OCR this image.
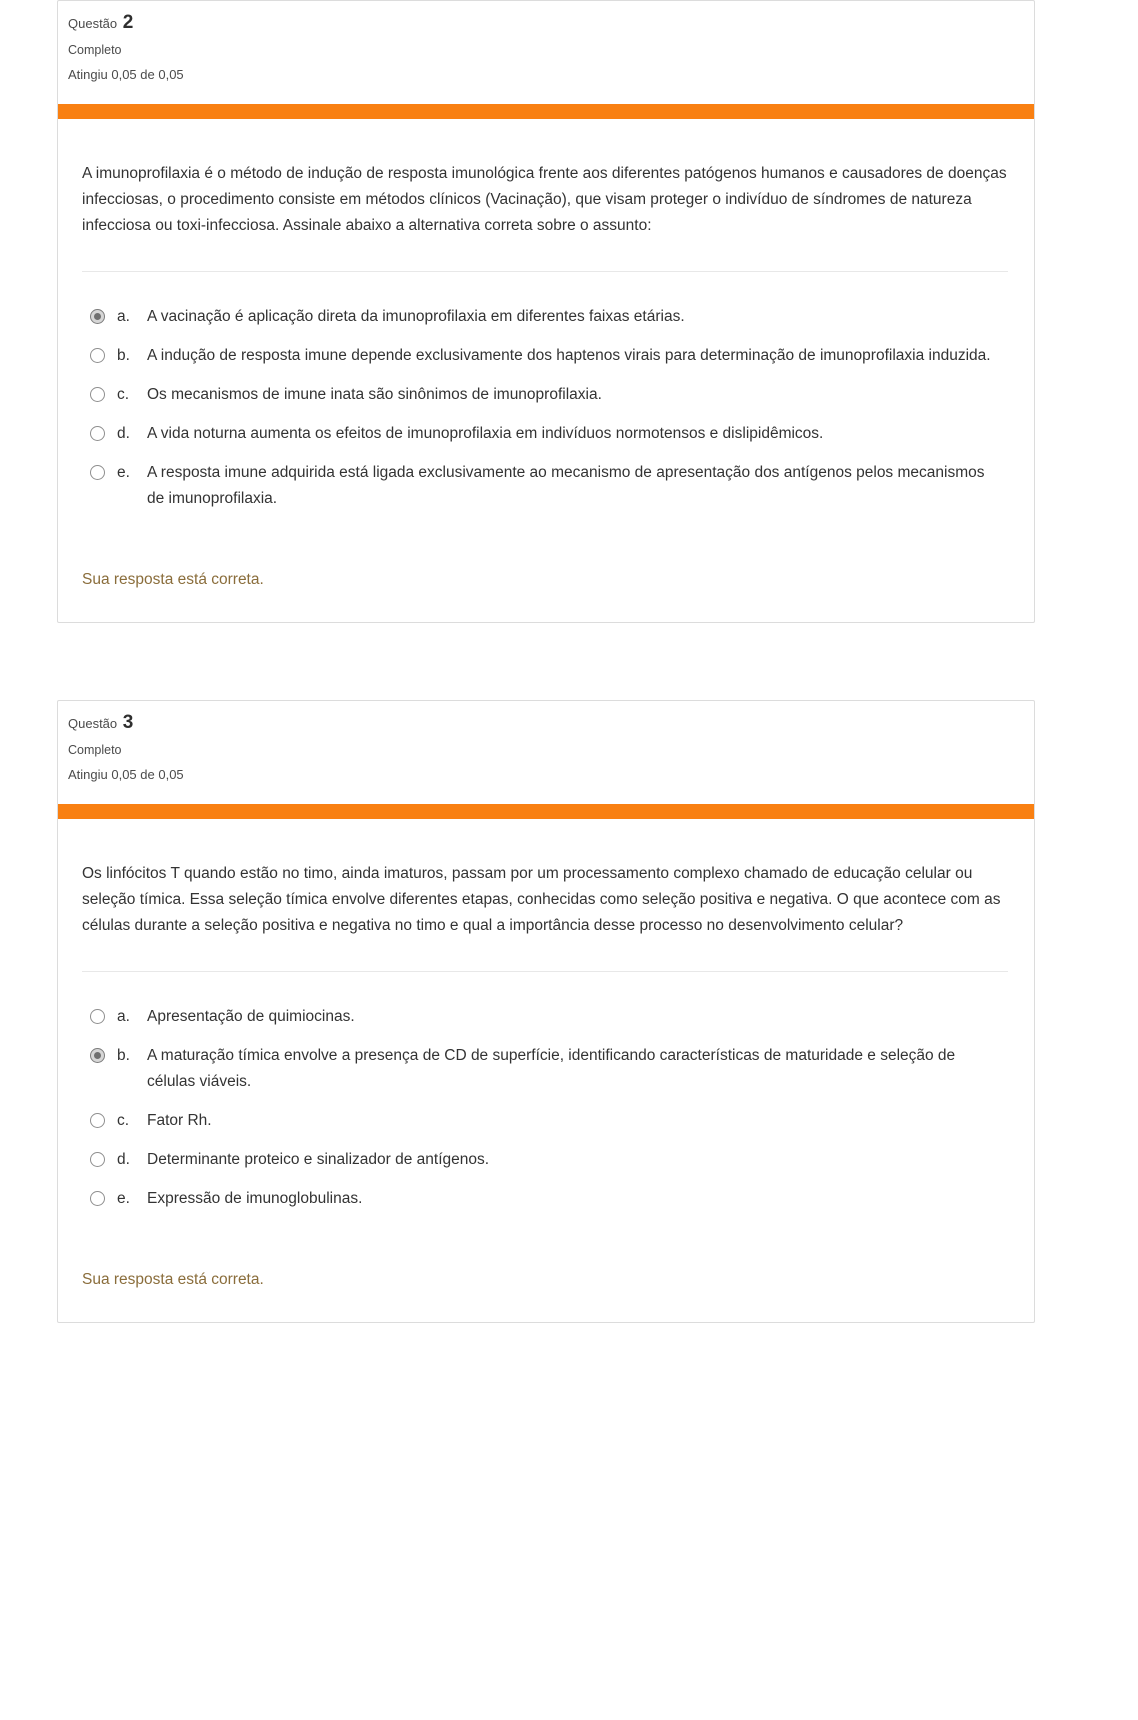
Questão 2
Completo
Atingiu 0,05 de 0,05
A imunoprofilaxia é o método de indução de resposta imunológica frente aos diferentes patógenos humanos e causadores de doenças infecciosas, o procedimento consiste em métodos clínicos (Vacinação), que visam proteger o indivíduo de síndromes de natureza infecciosa ou toxi-infecciosa. Assinale abaixo a alternativa correta sobre o assunto:
a.	A vacinação é aplicação direta da imunoprofilaxia em diferentes faixas etárias.
b.	A indução de resposta imune depende exclusivamente dos haptenos virais para determinação de imunoprofilaxia induzida.
c.	Os mecanismos de imune inata são sinônimos de imunoprofilaxia.
d.	A vida noturna aumenta os efeitos de imunoprofilaxia em indivíduos normotensos e dislipidêmicos.
e.	A resposta imune adquirida está ligada exclusivamente ao mecanismo de apresentação dos antígenos pelos mecanismos de imunoprofilaxia.
Sua resposta está correta.
Questão 3
Completo
Atingiu 0,05 de 0,05
Os linfócitos T quando estão no timo, ainda imaturos, passam por um processamento complexo chamado de educação celular ou seleção tímica. Essa seleção tímica envolve diferentes etapas, conhecidas como seleção positiva e negativa. O que acontece com as células durante a seleção positiva e negativa no timo e qual a importância desse processo no desenvolvimento celular?
a.	Apresentação de quimiocinas.
b.	A maturação tímica envolve a presença de CD de superfície, identificando características de maturidade e seleção de células viáveis.
c.	Fator Rh.
d.	Determinante proteico e sinalizador de antígenos.
e.	Expressão de imunoglobulinas.
Sua resposta está correta.
